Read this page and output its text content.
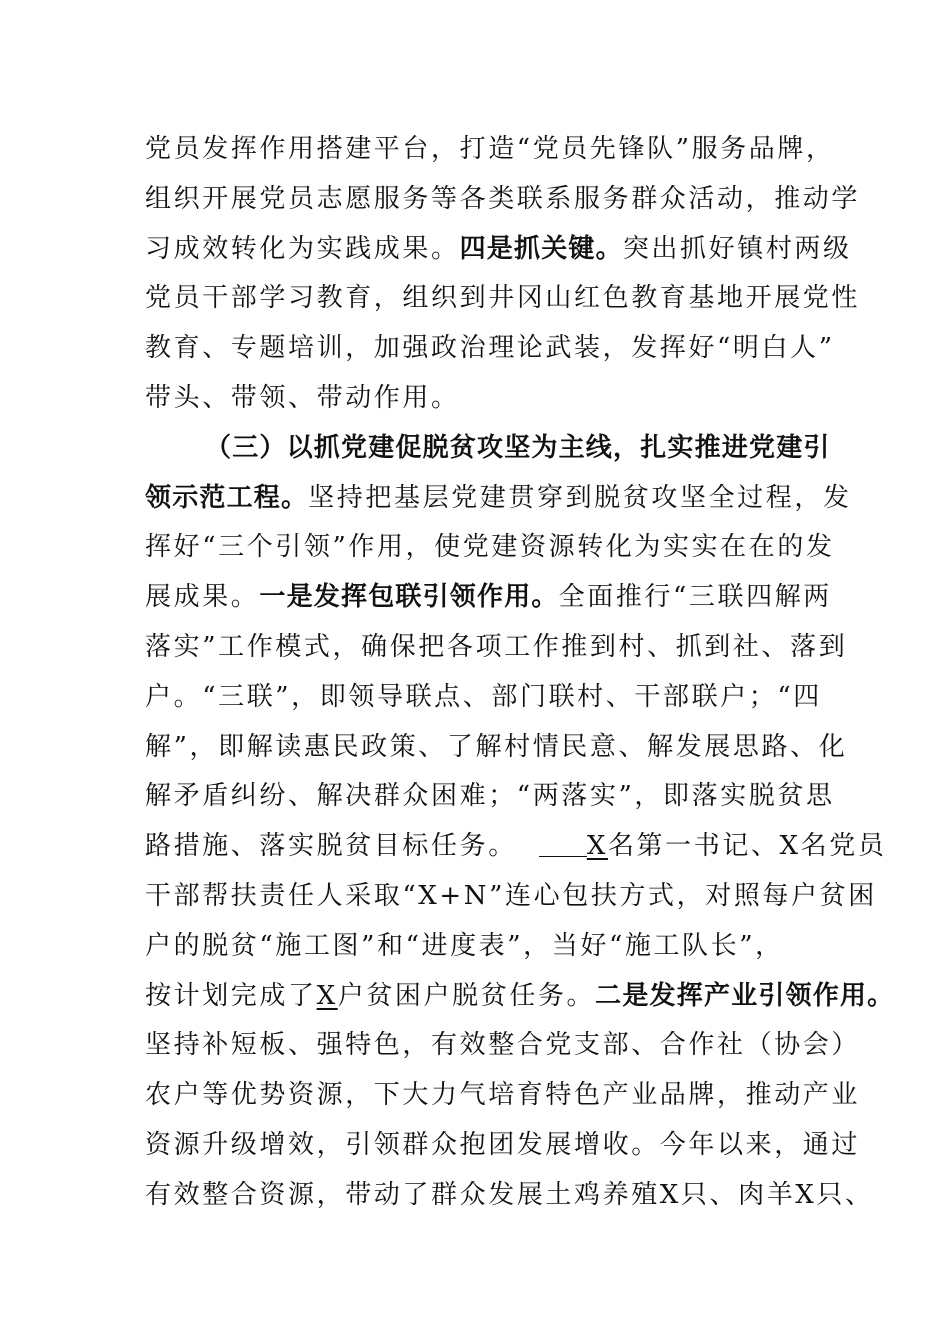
党员发挥作用搭建平台，打造“党员先锋队”服务品牌，
组织开展党员志愿服务等各类联系服务群众活动，推动学
习成效转化为实践成果。四是抓关键。突出抓好镇村两级
党员干部学习教育，组织到井冈山红色教育基地开展党性
教育、专题培训，加强政治理论武装，发挥好“明白人”
带头、带领、带动作用。
（三）以抓党建促脱贫攻坚为主线，扎实推进党建引
领示范工程。坚持把基层党建贯穿到脱贫攻坚全过程，发
挥好“三个引领”作用，使党建资源转化为实实在在的发
展成果。一是发挥包联引领作用。全面推行“三联四解两
落实”工作模式，确保把各项工作推到村、抓到社、落到
户。“三联”，即领导联点、部门联村、干部联户；“四
解”，即解读惠民政策、了解村情民意、解发展思路、化
解矛盾纠纷、解决群众困难；“两落实”，即落实脱贫思
路措施、落实脱贫目标任务。	X名第一书记、X名党员
干部帮扶责任人采取“X+N”连心包扶方式，对照每户贫困
户的脱贫“施工图”和“进度表”，当好“施工队长”，
按计划完成了X户贫困户脱贫任务。二是发挥产业引领作用。
坚持补短板、强特色，有效整合党支部、合作社（协会）
农户等优势资源，下大力气培育特色产业品牌，推动产业
资源升级增效，引领群众抱团发展增收。今年以来，通过
有效整合资源，带动了群众发展土鸡养殖X只、肉羊X只、
